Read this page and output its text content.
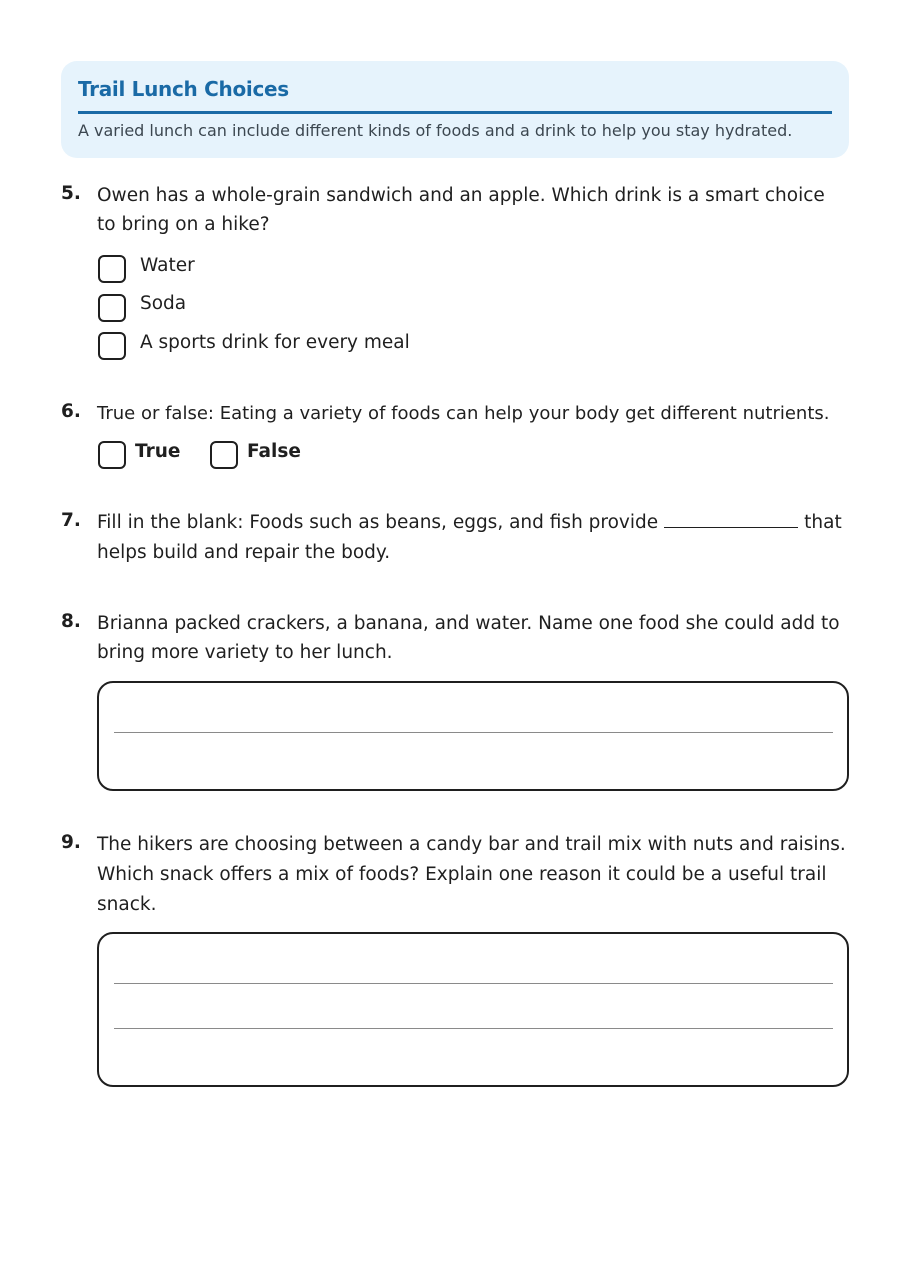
Trail Lunch Choices
A varied lunch can include different kinds of foods and a drink to help you stay hydrated.
5. Owen has a whole-grain sandwich and an apple. Which drink is a smart choice to bring on a hike?
Water
Soda
A sports drink for every meal
6. True or false: Eating a variety of foods can help your body get different nutrients.
True	False
7. Fill in the blank: Foods such as beans, eggs, and fish provide	that helps build and repair the body.
8. Brianna packed crackers, a banana, and water. Name one food she could add to bring more variety to her lunch.
9. The hikers are choosing between a candy bar and trail mix with nuts and raisins. Which snack offers a mix of foods? Explain one reason it could be a useful trail snack.
